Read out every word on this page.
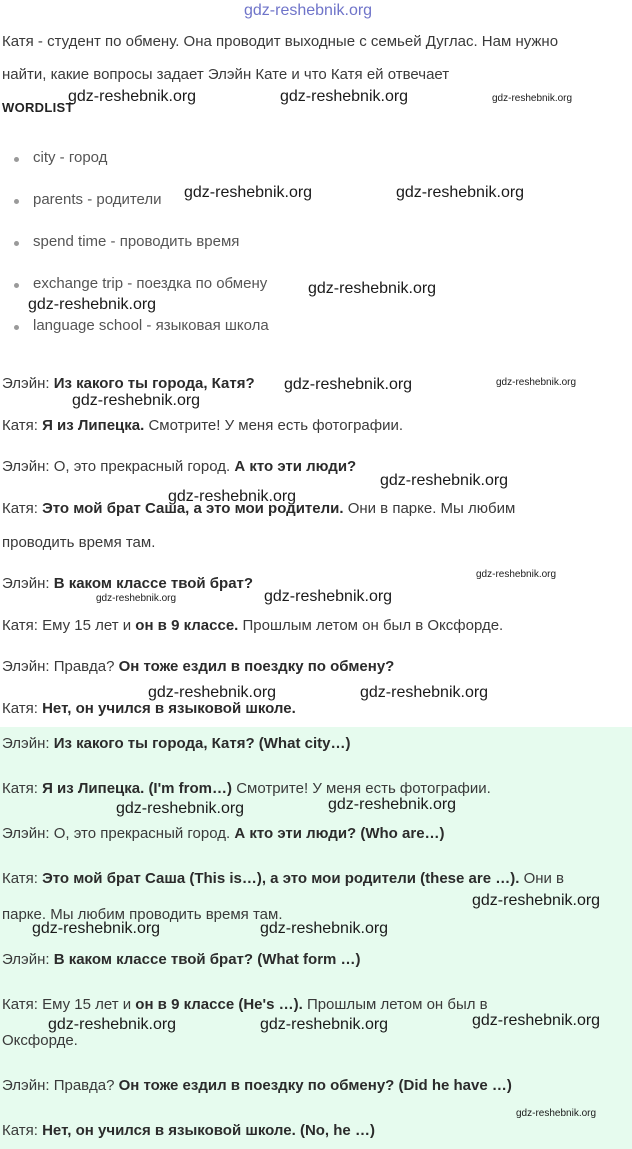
gdz-reshebnik.org
Катя - студент по обмену. Она проводит выходные с семьей Дуглас. Нам нужно
найти, какие вопросы задает Элэйн Кате и что Катя ей отвечает
WORDLIST
city - город
parents - родители
spend time - проводить время
exchange trip - поездка по обмену
language school - языковая школа
Элэйн: Из какого ты города, Катя?
Катя: Я из Липецка. Смотрите! У меня есть фотографии.
Элэйн: О, это прекрасный город. А кто эти люди?
Катя: Это мой брат Саша, а это мои родители. Они в парке. Мы любим
проводить время там.
Элэйн: В каком классе твой брат?
Катя: Ему 15 лет и он в 9 классе. Прошлым летом он был в Оксфорде.
Элэйн: Правда? Он тоже ездил в поездку по обмену?
Катя: Нет, он учился в языковой школе.
Элэйн: Из какого ты города, Катя? (What city…)
Катя: Я из Липецка. (I'm from…) Смотрите! У меня есть фотографии.
Элэйн: О, это прекрасный город. А кто эти люди? (Who are…)
Катя: Это мой брат Саша (This is…), а это мои родители (these are …). Они в
парке. Мы любим проводить время там.
Элэйн: В каком классе твой брат? (What form …)
Катя: Ему 15 лет и он в 9 классе (He's …). Прошлым летом он был в
Оксфорде.
Элэйн: Правда? Он тоже ездил в поездку по обмену? (Did he have …)
Катя: Нет, он учился в языковой школе. (No, he …)
gdz-reshebnik.org	gdz-reshebnik.org	gdz-reshebnik.org
gdz-reshebnik.org	gdz-reshebnik.org
gdz-reshebnik.org
gdz-reshebnik.org
gdz-reshebnik.org	gdz-reshebnik.org
gdz-reshebnik.org
gdz-reshebnik.org
gdz-reshebnik.org
gdz-reshebnik.org
gdz-reshebnik.org
gdz-reshebnik.org
gdz-reshebnik.org	gdz-reshebnik.org
gdz-reshebnik.org
gdz-reshebnik.org
gdz-reshebnik.org
gdz-reshebnik.org	gdz-reshebnik.org
gdz-reshebnik.org
gdz-reshebnik.org	gdz-reshebnik.org
gdz-reshebnik.org
